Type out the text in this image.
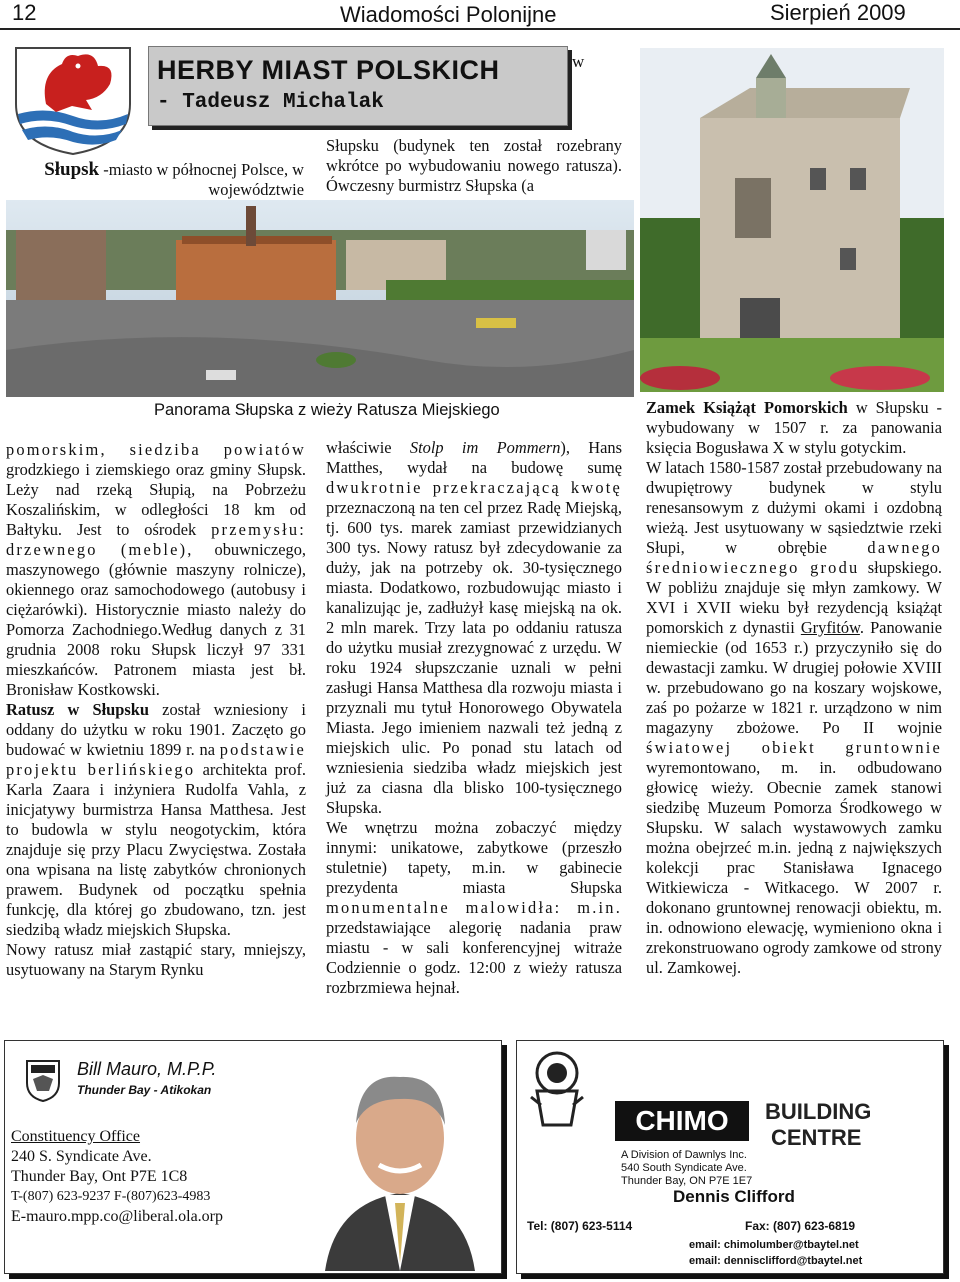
12	Wiadomości Polonijne	Sierpień 2009
HERBY MIAST POLSKICH
- Tadeusz Michalak
w
Słupsk -miasto w północnej Polsce, w województwie
Słupsku (budynek ten został rozebrany wkrótce po wybudowaniu nowego ratusza). Ówczesny burmistrz Słupska (a
Panorama Słupska z wieży Ratusza Miejskiego
pomorskim, siedziba powiatów grodzkiego i ziemskiego oraz gminy Słupsk. Leży nad rzeką Słupią, na Pobrzeżu Koszalińskim, w odległości 18 km od Bałtyku. Jest to ośrodek przemysłu: drzewnego (meble), obuwniczego, maszynowego (głównie maszyny rolnicze), okiennego oraz samochodowego (autobusy i ciężarówki). Historycznie miasto należy do Pomorza Zachodniego.Według danych z 31 grudnia 2008 roku Słupsk liczył 97 331 mieszkańców. Patronem miasta jest bł. Bronisław Kostkowski.
Ratusz w Słupsku został wzniesiony i oddany do użytku w roku 1901. Zaczęto go budować w kwietniu 1899 r. na podstawie projektu berlińskiego architekta prof. Karla Zaara i inżyniera Rudolfa Vahla, z inicjatywy burmistrza Hansa Matthesa. Jest to budowla w stylu neogotyckim, która znajduje się przy Placu Zwycięstwa. Została ona wpisana na listę zabytków chronionych prawem. Budynek od początku spełnia funkcję, dla której go zbudowano, tzn. jest siedzibą władz miejskich Słupska.
Nowy ratusz miał zastąpić stary, mniejszy, usytuowany na Starym Rynku
właściwie Stolp im Pommern), Hans Matthes, wydał na budowę sumę dwukrotnie przekraczającą kwotę przeznaczoną na ten cel przez Radę Miejską, tj. 600 tys. marek zamiast przewidzianych 300 tys. Nowy ratusz był zdecydowanie za duży, jak na potrzeby ok. 30-tysięcznego miasta. Dodatkowo, rozbudowując miasto i kanalizując je, zadłużył kasę miejską na ok. 2 mln marek. Trzy lata po oddaniu ratusza do użytku musiał zrezygnować z urzędu. W roku 1924 słupszczanie uznali w pełni zasługi Hansa Matthesa dla rozwoju miasta i przyznali mu tytuł Honorowego Obywatela Miasta. Jego imieniem nazwali też jedną z miejskich ulic. Po ponad stu latach od wzniesienia siedziba władz miejskich jest już za ciasna dla blisko 100-tysięcznego Słupska.
We wnętrzu można zobaczyć między innymi: unikatowe, zabytkowe (przeszło stuletnie) tapety, m.in. w gabinecie prezydenta miasta Słupska monumentalne malowidła: m.in. przedstawiające alegorię nadania praw miastu - w sali konferencyjnej witraże Codziennie o godz. 12:00 z wieży ratusza rozbrzmiewa hejnał.
Zamek Książąt Pomorskich w Słupsku - wybudowany w 1507 r. za panowania księcia Bogusława X w stylu gotyckim.
W latach 1580-1587 został przebudowany na dwupiętrowy budynek w stylu renesansowym z dużymi okami i ozdobną wieżą. Jest usytuowany w sąsiedztwie rzeki Słupi, w obrębie dawnego średniowiecznego grodu słupskiego. W pobliżu znajduje się młyn zamkowy. W XVI i XVII wieku był rezydencją książąt pomorskich z dynastii Gryfitów. Panowanie niemieckie (od 1653 r.) przyczyniło się do dewastacji zamku. W drugiej połowie XVIII w. przebudowano go na koszary wojskowe, zaś po pożarze w 1821 r. urządzono w nim magazyny zbożowe. Po II wojnie światowej obiekt gruntownie wyremontowano, m. in. odbudowano głowicę wieży. Obecnie zamek stanowi siedzibę Muzeum Pomorza Środkowego w Słupsku. W salach wystawowych zamku można obejrzeć m.in. jedną z największych kolekcji prac Stanisława Ignacego Witkiewicza - Witkacego. W 2007 r. dokonano gruntownej renowacji obiektu, m. in. odnowiono elewację, wymieniono okna i zrekonstruowano ogrody zamkowe od strony ul. Zamkowej.
Bill Mauro, M.P.P.
Thunder Bay - Atikokan
Constituency Office
240 S. Syndicate Ave.
Thunder Bay, Ont P7E 1C8
T-(807) 623-9237 F-(807)623-4983
E-mauro.mpp.co@liberal.ola.orp
CHIMO	BUILDING
CENTRE
A Division of Dawnlys Inc.
540 South Syndicate Ave.
Thunder Bay, ON P7E 1E7
Dennis Clifford
Tel: (807) 623-5114	Fax: (807) 623-6819
email: chimolumber@tbaytel.net
email: dennisclifford@tbaytel.net
